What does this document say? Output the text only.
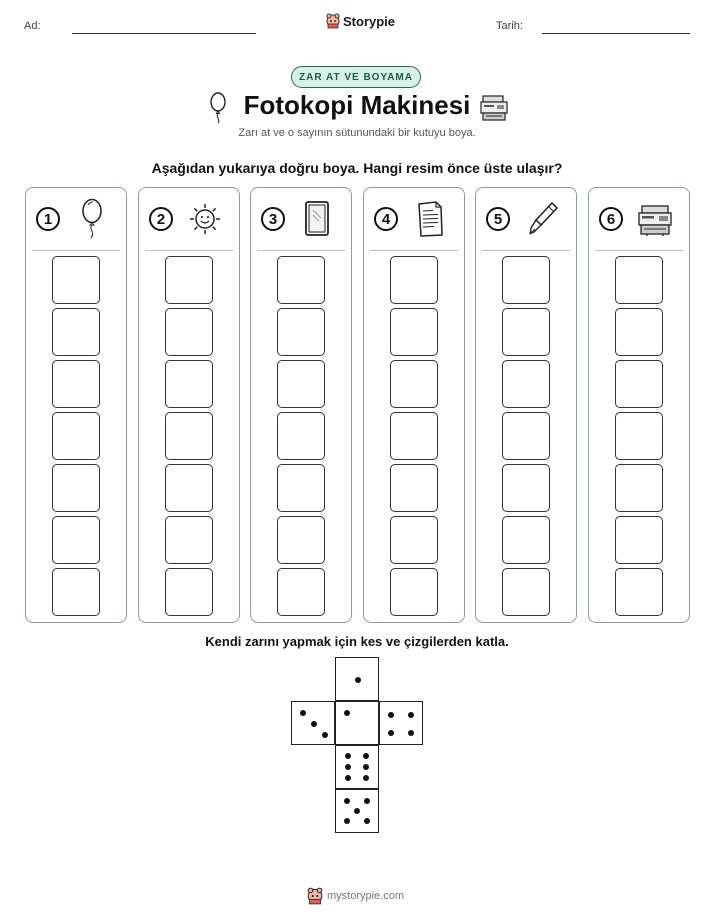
Ad:	Storypie	Tarih:
ZAR AT VE BOYAMA
Fotokopi Makinesi
Zarı at ve o sayının sütunundaki bir kutuyu boya.
Aşağıdan yukarıya doğru boya. Hangi resim önce üste ulaşır?
1	2	3	4	5	6
Kendi zarını yapmak için kes ve çizgilerden katla.
mystorypie.com
